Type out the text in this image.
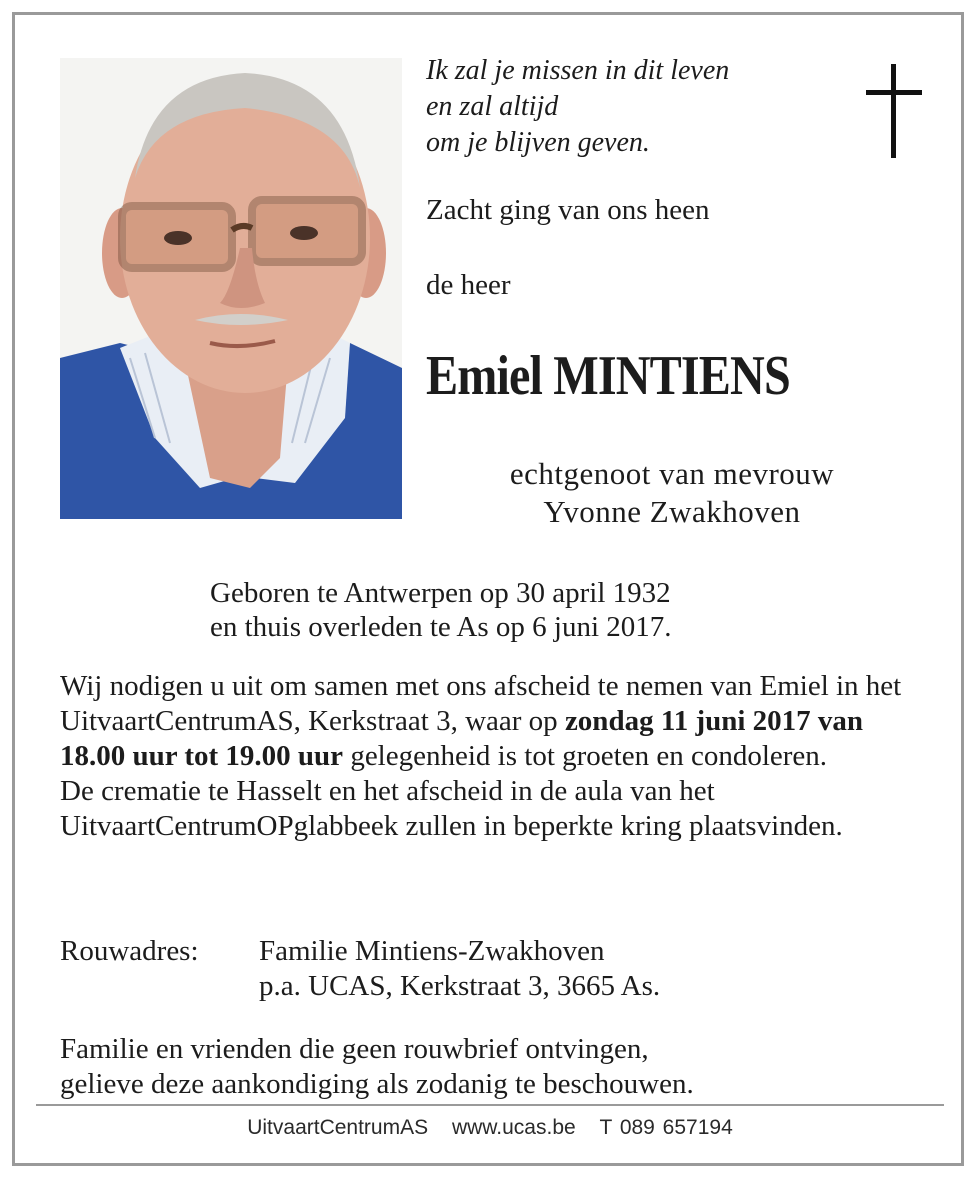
Ik zal je missen in dit leven
en zal altijd
om je blijven geven.
Zacht ging van ons heen
de heer
Emiel MINTIENS
echtgenoot van mevrouw
Yvonne Zwakhoven
Geboren te Antwerpen op 30 april 1932
en thuis overleden te As op 6 juni 2017.

Wij nodigen u uit om samen met ons afscheid te nemen van Emiel in het UitvaartCentrumAS, Kerkstraat 3, waar op zondag 11 juni 2017 van 18.00 uur tot 19.00 uur gelegenheid is tot groeten en condoleren.

De crematie te Hasselt en het afscheid in de aula van het UitvaartCentrumOPglabbeek zullen in beperkte kring plaatsvinden.

Rouwadres: Familie Mintiens-Zwakhoven
p.a. UCAS, Kerkstraat 3, 3665 As.
Familie en vrienden die geen rouwbrief ontvingen,
gelieve deze aankondiging als zodanig te beschouwen.
UitvaartCentrumAS www.ucas.be T 089 657194
